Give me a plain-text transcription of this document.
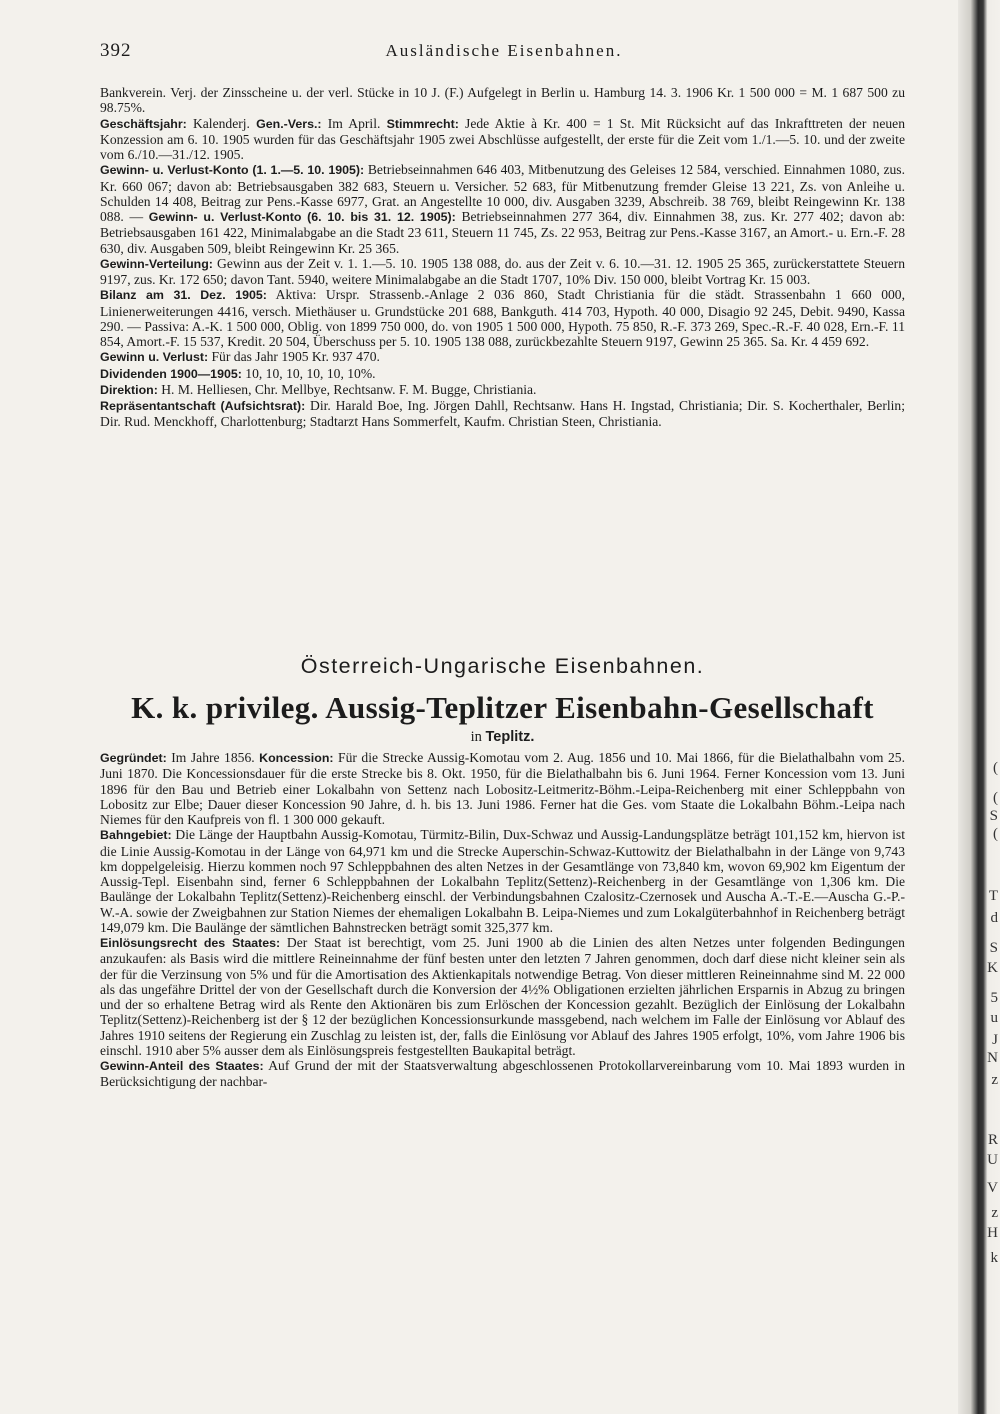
(
(
S
(
T
d
S
K
5
u
J
N
z
R
U
V
z
H
k
392	Ausländische Eisenbahnen.

Bankverein. Verj. der Zinsscheine u. der verl. Stücke in 10 J. (F.) Aufgelegt in Berlin u. Hamburg 14. 3. 1906 Kr. 1 500 000 = M. 1 687 500 zu 98.75%.

Geschäftsjahr: Kalenderj. Gen.-Vers.: Im April. Stimmrecht: Jede Aktie à Kr. 400 = 1 St. Mit Rücksicht auf das Inkrafttreten der neuen Konzession am 6. 10. 1905 wurden für das Geschäftsjahr 1905 zwei Abschlüsse aufgestellt, der erste für die Zeit vom 1./1.—5. 10. und der zweite vom 6./10.—31./12. 1905.

Gewinn- u. Verlust-Konto (1. 1.—5. 10. 1905): Betriebseinnahmen 646 403, Mitbenutzung des Geleises 12 584, verschied. Einnahmen 1080, zus. Kr. 660 067; davon ab: Betriebsausgaben 382 683, Steuern u. Versicher. 52 683, für Mitbenutzung fremder Gleise 13 221, Zs. von Anleihe u. Schulden 14 408, Beitrag zur Pens.-Kasse 6977, Grat. an Angestellte 10 000, div. Ausgaben 3239, Abschreib. 38 769, bleibt Reingewinn Kr. 138 088. — Gewinn- u. Verlust-Konto (6. 10. bis 31. 12. 1905): Betriebseinnahmen 277 364, div. Einnahmen 38, zus. Kr. 277 402; davon ab: Betriebsausgaben 161 422, Minimalabgabe an die Stadt 23 611, Steuern 11 745, Zs. 22 953, Beitrag zur Pens.-Kasse 3167, an Amort.- u. Ern.-F. 28 630, div. Ausgaben 509, bleibt Reingewinn Kr. 25 365.

Gewinn-Verteilung: Gewinn aus der Zeit v. 1. 1.—5. 10. 1905 138 088, do. aus der Zeit v. 6. 10.—31. 12. 1905 25 365, zurückerstattete Steuern 9197, zus. Kr. 172 650; davon Tant. 5940, weitere Minimalabgabe an die Stadt 1707, 10% Div. 150 000, bleibt Vortrag Kr. 15 003.

Bilanz am 31. Dez. 1905: Aktiva: Urspr. Strassenb.-Anlage 2 036 860, Stadt Christiania für die städt. Strassenbahn 1 660 000, Linienerweiterungen 4416, versch. Miethäuser u. Grundstücke 201 688, Bankguth. 414 703, Hypoth. 40 000, Disagio 92 245, Debit. 9490, Kassa 290. — Passiva: A.-K. 1 500 000, Oblig. von 1899 750 000, do. von 1905 1 500 000, Hypoth. 75 850, R.-F. 373 269, Spec.-R.-F. 40 028, Ern.-F. 11 854, Amort.-F. 15 537, Kredit. 20 504, Überschuss per 5. 10. 1905 138 088, zurückbezahlte Steuern 9197, Gewinn 25 365. Sa. Kr. 4 459 692.

Gewinn u. Verlust: Für das Jahr 1905 Kr. 937 470.

Dividenden 1900—1905: 10, 10, 10, 10, 10, 10%.

Direktion: H. M. Helliesen, Chr. Mellbye, Rechtsanw. F. M. Bugge, Christiania.

Repräsentantschaft (Aufsichtsrat): Dir. Harald Boe, Ing. Jörgen Dahll, Rechtsanw. Hans H. Ingstad, Christiania; Dir. S. Kocherthaler, Berlin; Dir. Rud. Menckhoff, Charlottenburg; Stadtarzt Hans Sommerfelt, Kaufm. Christian Steen, Christiania.

Österreich-Ungarische Eisenbahnen.
K. k. privileg. Aussig-Teplitzer Eisenbahn-Gesellschaft
in Teplitz.

Gegründet: Im Jahre 1856. Koncession: Für die Strecke Aussig-Komotau vom 2. Aug. 1856 und 10. Mai 1866, für die Bielathalbahn vom 25. Juni 1870. Die Koncessionsdauer für die erste Strecke bis 8. Okt. 1950, für die Bielathalbahn bis 6. Juni 1964. Ferner Koncession vom 13. Juni 1896 für den Bau und Betrieb einer Lokalbahn von Settenz nach Lobositz-Leitmeritz-Böhm.-Leipa-Reichenberg mit einer Schleppbahn von Lobositz zur Elbe; Dauer dieser Koncession 90 Jahre, d. h. bis 13. Juni 1986. Ferner hat die Ges. vom Staate die Lokalbahn Böhm.-Leipa nach Niemes für den Kaufpreis von fl. 1 300 000 gekauft.

Bahngebiet: Die Länge der Hauptbahn Aussig-Komotau, Türmitz-Bilin, Dux-Schwaz und Aussig-Landungsplätze beträgt 101,152 km, hiervon ist die Linie Aussig-Komotau in der Länge von 64,971 km und die Strecke Auperschin-Schwaz-Kuttowitz der Bielathalbahn in der Länge von 9,743 km doppelgeleisig. Hierzu kommen noch 97 Schleppbahnen des alten Netzes in der Gesamtlänge von 73,840 km, wovon 69,902 km Eigentum der Aussig-Tepl. Eisenbahn sind, ferner 6 Schleppbahnen der Lokalbahn Teplitz(Settenz)-Reichenberg in der Gesamtlänge von 1,306 km. Die Baulänge der Lokalbahn Teplitz(Settenz)-Reichenberg einschl. der Verbindungsbahnen Czalositz-Czernosek und Auscha A.-T.-E.—Auscha G.-P.-W.-A. sowie der Zweigbahnen zur Station Niemes der ehemaligen Lokalbahn B. Leipa-Niemes und zum Lokalgüterbahnhof in Reichenberg beträgt 149,079 km. Die Baulänge der sämtlichen Bahnstrecken beträgt somit 325,377 km.

Einlösungsrecht des Staates: Der Staat ist berechtigt, vom 25. Juni 1900 ab die Linien des alten Netzes unter folgenden Bedingungen anzukaufen: als Basis wird die mittlere Reineinnahme der fünf besten unter den letzten 7 Jahren genommen, doch darf diese nicht kleiner sein als der für die Verzinsung von 5% und für die Amortisation des Aktienkapitals notwendige Betrag. Von dieser mittleren Reineinnahme sind M. 22 000 als das ungefähre Drittel der von der Gesellschaft durch die Konversion der 4½% Obligationen erzielten jährlichen Ersparnis in Abzug zu bringen und der so erhaltene Betrag wird als Rente den Aktionären bis zum Erlöschen der Koncession gezahlt. Bezüglich der Einlösung der Lokalbahn Teplitz(Settenz)-Reichenberg ist der § 12 der bezüglichen Koncessionsurkunde massgebend, nach welchem im Falle der Einlösung vor Ablauf des Jahres 1910 seitens der Regierung ein Zuschlag zu leisten ist, der, falls die Einlösung vor Ablauf des Jahres 1905 erfolgt, 10%, vom Jahre 1906 bis einschl. 1910 aber 5% ausser dem als Einlösungspreis festgestellten Baukapital beträgt.

Gewinn-Anteil des Staates: Auf Grund der mit der Staatsverwaltung abgeschlossenen Protokollarvereinbarung vom 10. Mai 1893 wurden in Berücksichtigung der nachbar-
